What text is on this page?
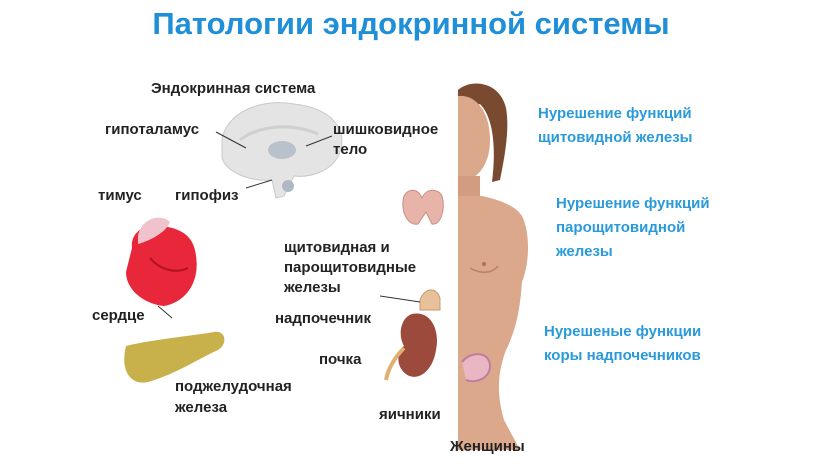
Патологии эндокринной системы
Эндокринная система
гипоталамус	шишковидное
тело
тимус гипофиз
щитовидная и
парощитовидные
железы
сердце	надпочечник
почка
поджелудочная
железа	яичники
Женщины
Нурешение функций
щитовидной железы
Нурешение функций
парощитовидной
железы
Нурешеные функции
коры надпочечников
